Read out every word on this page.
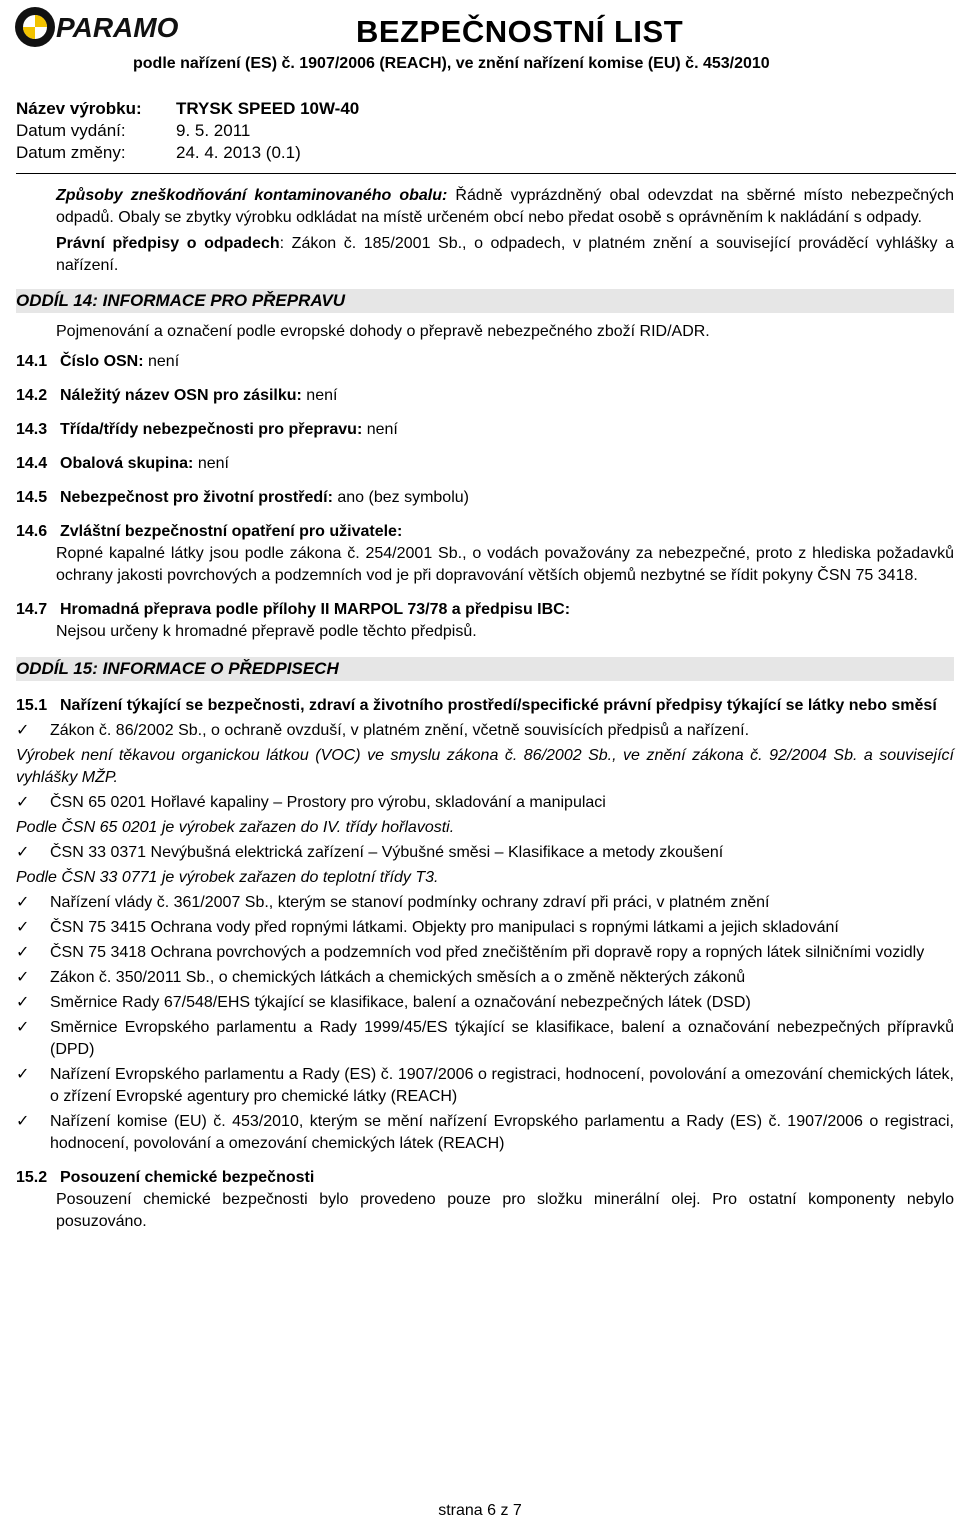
PARAMO	BEZPEČNOSTNÍ LIST
podle nařízení (ES) č. 1907/2006 (REACH), ve znění nařízení komise (EU) č. 453/2010
Název výrobku:	TRYSK SPEED 10W-40
Datum vydání:	9. 5. 2011
Datum změny:	24. 4. 2013 (0.1)

Způsoby zneškodňování kontaminovaného obalu: Řádně vyprázdněný obal odevzdat na sběrné místo nebezpečných odpadů. Obaly se zbytky výrobku odkládat na místě určeném obcí nebo předat osobě s oprávněním k nakládání s odpady.

Právní předpisy o odpadech: Zákon č. 185/2001 Sb., o odpadech, v platném znění a související prováděcí vyhlášky a nařízení.

ODDÍL 14: INFORMACE PRO PŘEPRAVU

Pojmenování a označení podle evropské dohody o přepravě nebezpečného zboží RID/ADR.

14.1 Číslo OSN: není
14.2 Náležitý název OSN pro zásilku: není
14.3 Třída/třídy nebezpečnosti pro přepravu: není
14.4 Obalová skupina: není
14.5 Nebezpečnost pro životní prostředí: ano (bez symbolu)
14.6 Zvláštní bezpečnostní opatření pro uživatele:

Ropné kapalné látky jsou podle zákona č. 254/2001 Sb., o vodách považovány za nebezpečné, proto z hlediska požadavků ochrany jakosti povrchových a podzemních vod je při dopravování větších objemů nezbytné se řídit pokyny ČSN 75 3418.

14.7 Hromadná přeprava podle přílohy II MARPOL 73/78 a předpisu IBC:

Nejsou určeny k hromadné přepravě podle těchto předpisů.

ODDÍL 15: INFORMACE O PŘEDPISECH
15.1 Nařízení týkající se bezpečnosti, zdraví a životního prostředí/specifické právní předpisy týkající se látky nebo směsí
✓	Zákon č. 86/2002 Sb., o ochraně ovzduší, v platném znění, včetně souvisících předpisů a nařízení.

Výrobek není těkavou organickou látkou (VOC) ve smyslu zákona č. 86/2002 Sb., ve znění zákona č. 92/2004 Sb. a související vyhlášky MŽP.

✓	ČSN 65 0201 Hořlavé kapaliny – Prostory pro výrobu, skladování a manipulaci

Podle ČSN 65 0201 je výrobek zařazen do IV. třídy hořlavosti.

✓	ČSN 33 0371 Nevýbušná elektrická zařízení – Výbušné směsi – Klasifikace a metody zkoušení

Podle ČSN 33 0771 je výrobek zařazen do teplotní třídy T3.

✓	Nařízení vlády č. 361/2007 Sb., kterým se stanoví podmínky ochrany zdraví při práci, v platném znění
✓	ČSN 75 3415 Ochrana vody před ropnými látkami. Objekty pro manipulaci s ropnými látkami a jejich skladování
✓	ČSN 75 3418 Ochrana povrchových a podzemních vod před znečištěním při dopravě ropy a ropných látek silničními vozidly
✓	Zákon č. 350/2011 Sb., o chemických látkách a chemických směsích a o změně některých zákonů
✓	Směrnice Rady 67/548/EHS týkající se klasifikace, balení a označování nebezpečných látek (DSD)
✓	Směrnice Evropského parlamentu a Rady 1999/45/ES týkající se klasifikace, balení a označování nebezpečných přípravků (DPD)
✓	Nařízení Evropského parlamentu a Rady (ES) č. 1907/2006 o registraci, hodnocení, povolování a omezování chemických látek, o zřízení Evropské agentury pro chemické látky (REACH)
✓	Nařízení komise (EU) č. 453/2010, kterým se mění nařízení Evropského parlamentu a Rady (ES) č. 1907/2006 o registraci, hodnocení, povolování a omezování chemických látek (REACH)
15.2 Posouzení chemické bezpečnosti

Posouzení chemické bezpečnosti bylo provedeno pouze pro složku minerální olej. Pro ostatní komponenty nebylo posuzováno.

strana 6 z 7
